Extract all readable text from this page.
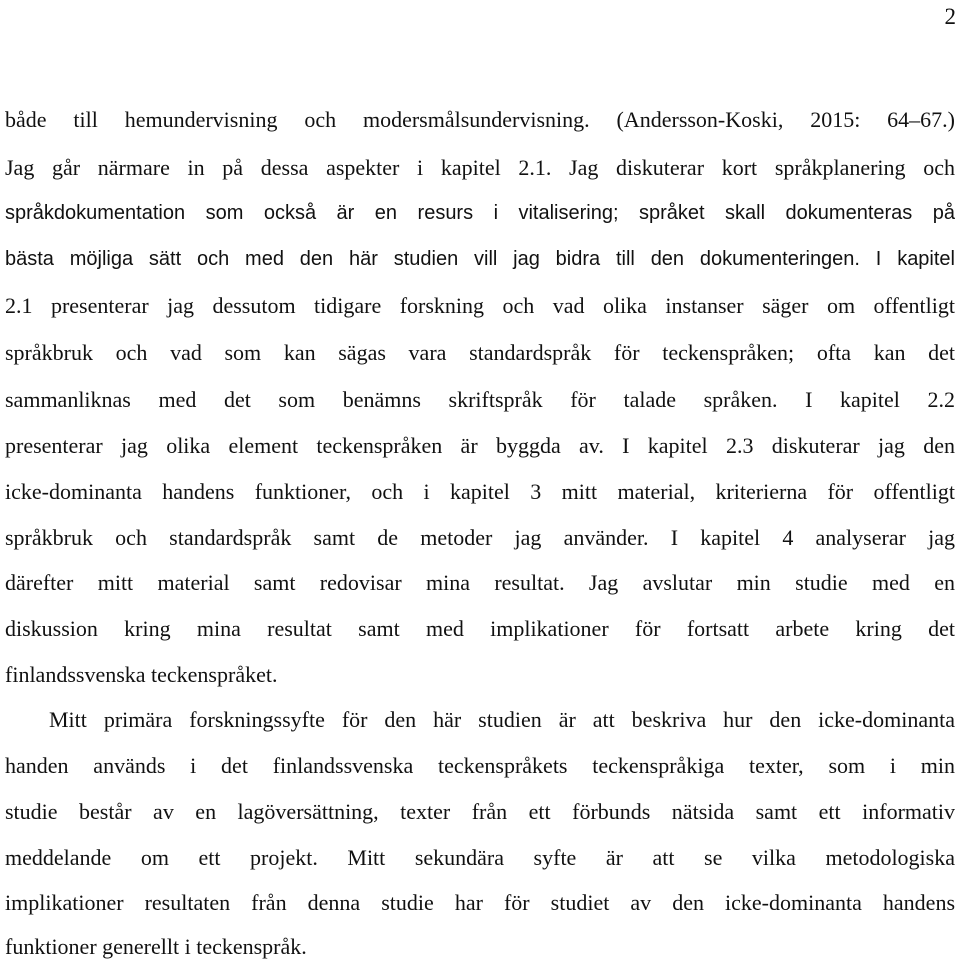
2
både till hemundervisning och modersmålsundervisning. (Andersson-Koski, 2015: 64–67.)
Jag går närmare in på dessa aspekter i kapitel 2.1. Jag diskuterar kort språkplanering och
språkdokumentation som också är en resurs i vitalisering; språket skall dokumenteras på
bästa möjliga sätt och med den här studien vill jag bidra till den dokumenteringen. I kapitel
2.1 presenterar jag dessutom tidigare forskning och vad olika instanser säger om offentligt
språkbruk och vad som kan sägas vara standardspråk för teckenspråken; ofta kan det
sammanliknas med det som benämns skriftspråk för talade språken. I kapitel 2.2
presenterar jag olika element teckenspråken är byggda av. I kapitel 2.3 diskuterar jag den
icke-dominanta handens funktioner, och i kapitel 3 mitt material, kriterierna för offentligt
språkbruk och standardspråk samt de metoder jag använder. I kapitel 4 analyserar jag
därefter mitt material samt redovisar mina resultat. Jag avslutar min studie med en
diskussion kring mina resultat samt med implikationer för fortsatt arbete kring det
finlandssvenska teckenspråket.
Mitt primära forskningssyfte för den här studien är att beskriva hur den icke-dominanta
handen används i det finlandssvenska teckenspråkets teckenspråkiga texter, som i min
studie består av en lagöversättning, texter från ett förbunds nätsida samt ett informativ
meddelande om ett projekt. Mitt sekundära syfte är att se vilka metodologiska
implikationer resultaten från denna studie har för studiet av den icke-dominanta handens
funktioner generellt i teckenspråk.
